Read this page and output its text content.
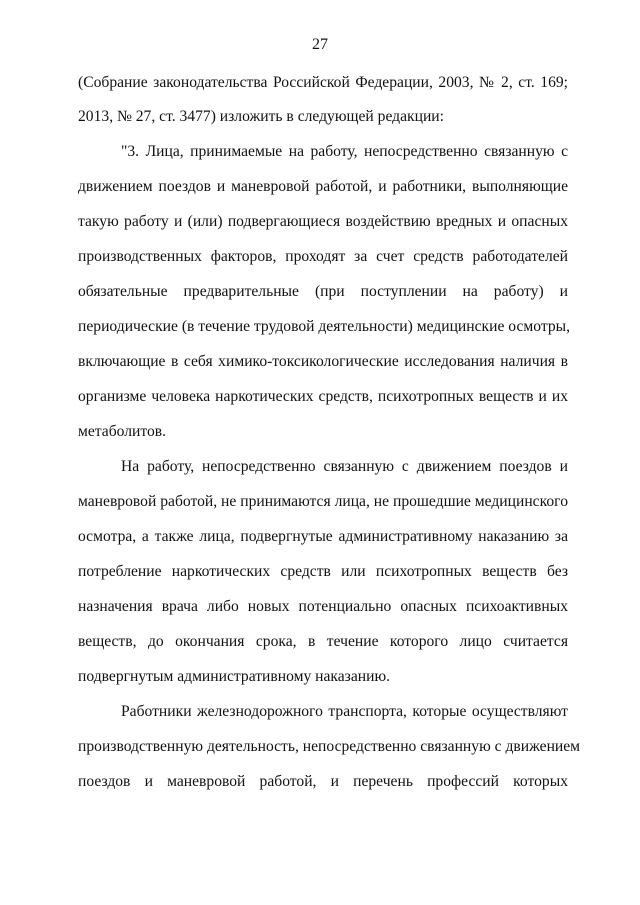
27
(Собрание законодательства Российской Федерации, 2003, № 2, ст. 169;
2013, № 27, ст. 3477) изложить в следующей редакции:
"3. Лица, принимаемые на работу, непосредственно связанную с
движением поездов и маневровой работой, и работники, выполняющие
такую работу и (или) подвергающиеся воздействию вредных и опасных
производственных факторов, проходят за счет средств работодателей
обязательные предварительные (при поступлении на работу) и
периодические (в течение трудовой деятельности) медицинские осмотры,
включающие в себя химико-токсикологические исследования наличия в
организме человека наркотических средств, психотропных веществ и их
метаболитов.
На работу, непосредственно связанную с движением поездов и
маневровой работой, не принимаются лица, не прошедшие медицинского
осмотра, а также лица, подвергнутые административному наказанию за
потребление наркотических средств или психотропных веществ без
назначения врача либо новых потенциально опасных психоактивных
веществ, до окончания срока, в течение которого лицо считается
подвергнутым административному наказанию.
Работники железнодорожного транспорта, которые осуществляют
производственную деятельность, непосредственно связанную с движением
поездов и маневровой работой, и перечень профессий которых
